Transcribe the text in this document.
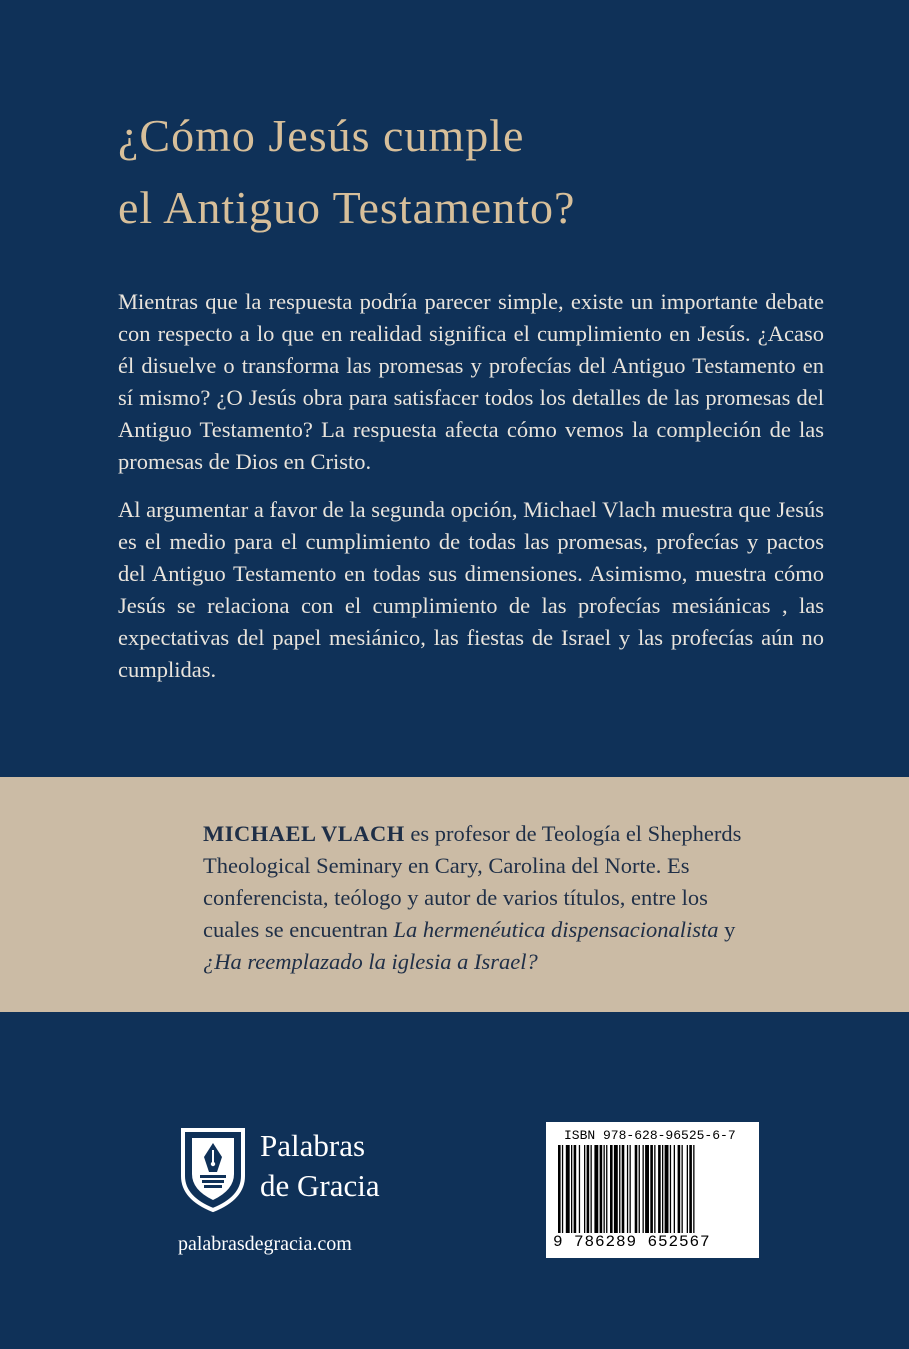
¿Cómo Jesús cumple
el Antiguo Testamento?

Mientras que la respuesta podría parecer simple, existe un importante debate con respecto a lo que en realidad significa el cumplimiento en Jesús. ¿Acaso él disuelve o transforma las promesas y profecías del Antiguo Testamento en sí mismo? ¿O Jesús obra para satisfacer todos los detalles de las promesas del Antiguo Testamento? La respuesta afecta cómo vemos la compleción de las promesas de Dios en Cristo.

Al argumentar a favor de la segunda opción, Michael Vlach muestra que Jesús es el medio para el cumplimiento de todas las promesas, profecías y pactos del Antiguo Testamento en todas sus dimensiones. Asimismo, muestra cómo Jesús se relaciona con el cumplimiento de las profecías mesiánicas , las expectativas del papel mesiánico, las fiestas de Israel y las profecías aún no cumplidas.

MICHAEL VLACH es profesor de Teología el Shepherds Theological Seminary en Cary, Carolina del Norte. Es conferencista, teólogo y autor de varios títulos, entre los cuales se encuentran La hermenéutica dispensacionalista y ¿Ha reemplazado la iglesia a Israel?
Palabras
de Gracia
palabrasdegracia.com
ISBN 978-628-96525-6-7
9 786289 652567
